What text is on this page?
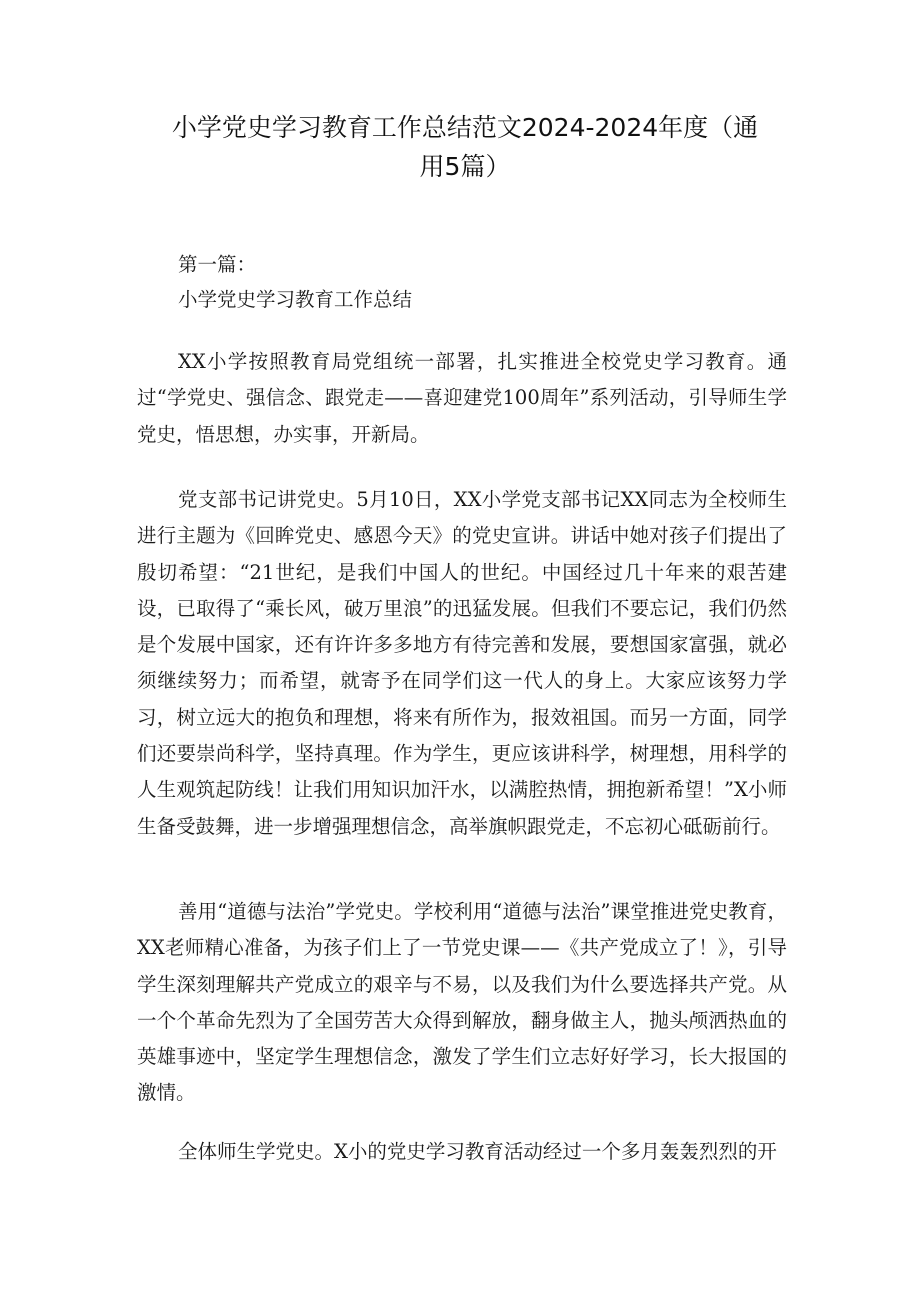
小学党史学习教育工作总结范文2024-2024年度（通用5篇）

第一篇：

小学党史学习教育工作总结

XX小学按照教育局党组统一部署，扎实推进全校党史学习教育。通过“学党史、强信念、跟党走——喜迎建党100周年”系列活动，引导师生学党史，悟思想，办实事，开新局。

党支部书记讲党史。5月10日，XX小学党支部书记XX同志为全校师生进行主题为《回眸党史、感恩今天》的党史宣讲。讲话中她对孩子们提出了殷切希望：“21世纪，是我们中国人的世纪。中国经过几十年来的艰苦建设，已取得了“乘长风，破万里浪”的迅猛发展。但我们不要忘记，我们仍然是个发展中国家，还有许许多多地方有待完善和发展，要想国家富强，就必须继续努力；而希望，就寄予在同学们这一代人的身上。大家应该努力学习，树立远大的抱负和理想，将来有所作为，报效祖国。而另一方面，同学们还要崇尚科学，坚持真理。作为学生，更应该讲科学，树理想，用科学的人生观筑起防线！让我们用知识加汗水，以满腔热情，拥抱新希望！”X小师生备受鼓舞，进一步增强理想信念，高举旗帜跟党走，不忘初心砥砺前行。

善用“道德与法治”学党史。学校利用“道德与法治”课堂推进党史教育，XX老师精心准备，为孩子们上了一节党史课——《共产党成立了！》，引导学生深刻理解共产党成立的艰辛与不易，以及我们为什么要选择共产党。从一个个革命先烈为了全国劳苦大众得到解放，翻身做主人，抛头颅洒热血的英雄事迹中，坚定学生理想信念，激发了学生们立志好好学习，长大报国的激情。

全体师生学党史。X小的党史学习教育活动经过一个多月轰轰烈烈的开
